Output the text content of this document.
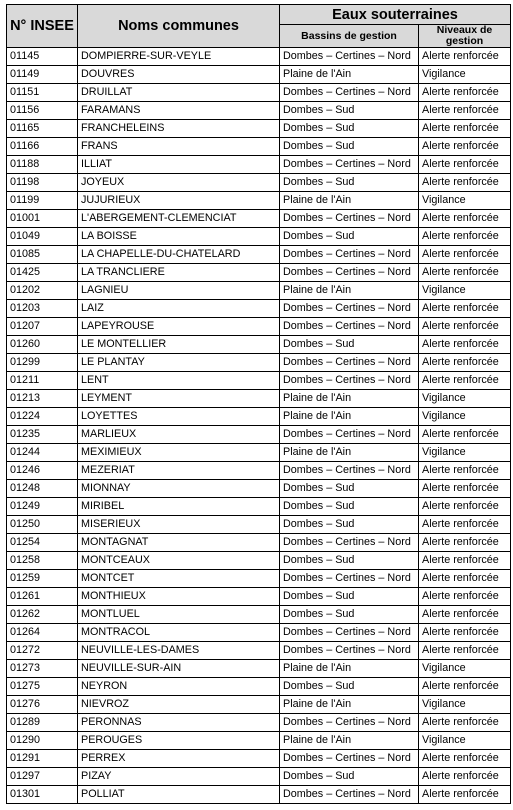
N° INSEE	Noms communes	Eaux souterraines	
		Bassins de gestion	Niveaux de gestion
01145	DOMPIERRE-SUR-VEYLE	Dombes – Certines – Nord	Alerte renforcée
01149	DOUVRES	Plaine de l'Ain	Vigilance
01151	DRUILLAT	Dombes – Certines – Nord	Alerte renforcée
01156	FARAMANS	Dombes – Sud	Alerte renforcée
01165	FRANCHELEINS	Dombes – Sud	Alerte renforcée
01166	FRANS	Dombes – Sud	Alerte renforcée
01188	ILLIAT	Dombes – Certines – Nord	Alerte renforcée
01198	JOYEUX	Dombes – Sud	Alerte renforcée
01199	JUJURIEUX	Plaine de l'Ain	Vigilance
01001	L'ABERGEMENT-CLEMENCIAT	Dombes – Certines – Nord	Alerte renforcée
01049	LA BOISSE	Dombes – Sud	Alerte renforcée
01085	LA CHAPELLE-DU-CHATELARD	Dombes – Certines – Nord	Alerte renforcée
01425	LA TRANCLIERE	Dombes – Certines – Nord	Alerte renforcée
01202	LAGNIEU	Plaine de l'Ain	Vigilance
01203	LAIZ	Dombes – Certines – Nord	Alerte renforcée
01207	LAPEYROUSE	Dombes – Certines – Nord	Alerte renforcée
01260	LE MONTELLIER	Dombes – Sud	Alerte renforcée
01299	LE PLANTAY	Dombes – Certines – Nord	Alerte renforcée
01211	LENT	Dombes – Certines – Nord	Alerte renforcée
01213	LEYMENT	Plaine de l'Ain	Vigilance
01224	LOYETTES	Plaine de l'Ain	Vigilance
01235	MARLIEUX	Dombes – Certines – Nord	Alerte renforcée
01244	MEXIMIEUX	Plaine de l'Ain	Vigilance
01246	MEZERIAT	Dombes – Certines – Nord	Alerte renforcée
01248	MIONNAY	Dombes – Sud	Alerte renforcée
01249	MIRIBEL	Dombes – Sud	Alerte renforcée
01250	MISERIEUX	Dombes – Sud	Alerte renforcée
01254	MONTAGNAT	Dombes – Certines – Nord	Alerte renforcée
01258	MONTCEAUX	Dombes – Sud	Alerte renforcée
01259	MONTCET	Dombes – Certines – Nord	Alerte renforcée
01261	MONTHIEUX	Dombes – Sud	Alerte renforcée
01262	MONTLUEL	Dombes – Sud	Alerte renforcée
01264	MONTRACOL	Dombes – Certines – Nord	Alerte renforcée
01272	NEUVILLE-LES-DAMES	Dombes – Certines – Nord	Alerte renforcée
01273	NEUVILLE-SUR-AIN	Plaine de l'Ain	Vigilance
01275	NEYRON	Dombes – Sud	Alerte renforcée
01276	NIEVROZ	Plaine de l'Ain	Vigilance
01289	PERONNAS	Dombes – Certines – Nord	Alerte renforcée
01290	PEROUGES	Plaine de l'Ain	Vigilance
01291	PERREX	Dombes – Certines – Nord	Alerte renforcée
01297	PIZAY	Dombes – Sud	Alerte renforcée
01301	POLLIAT	Dombes – Certines – Nord	Alerte renforcée
